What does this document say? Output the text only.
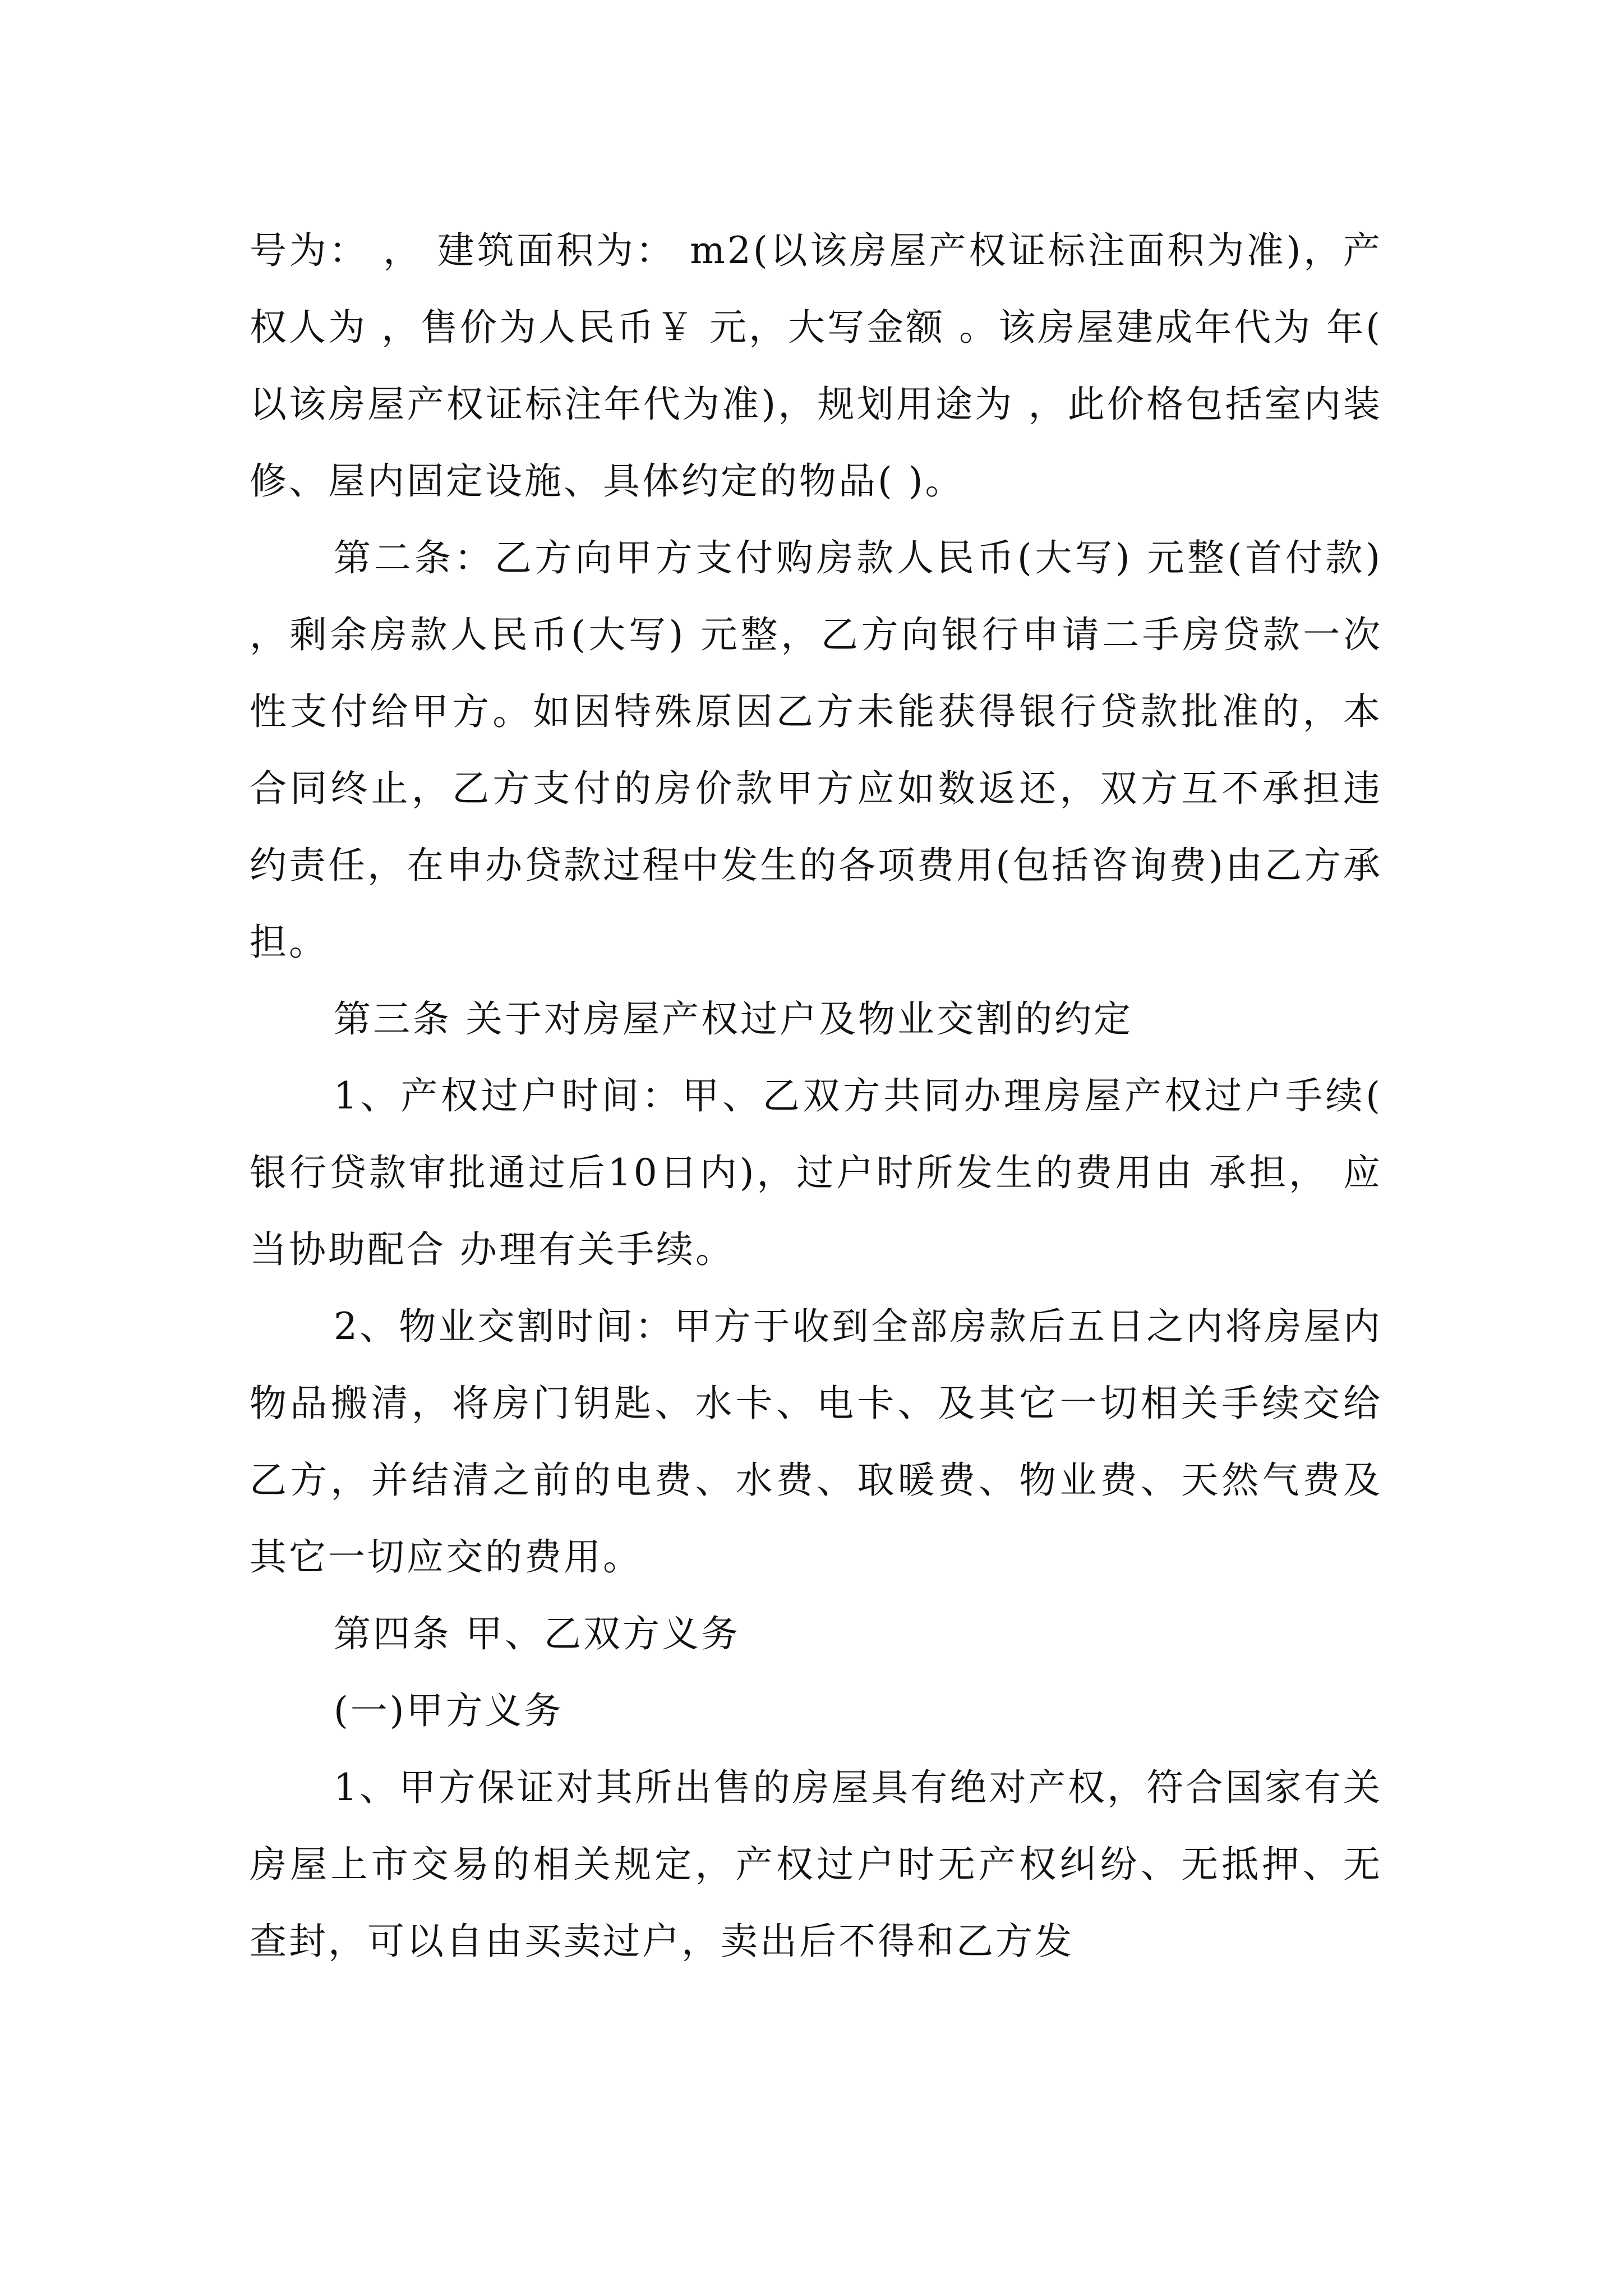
号为： ， 建筑面积为： m2(以该房屋产权证标注面积为准)，产权人为 ，售价为人民币￥ 元，大写金额 。该房屋建成年代为 年(以该房屋产权证标注年代为准)，规划用途为 ，此价格包括室内装修、屋内固定设施、具体约定的物品( )。

第二条：乙方向甲方支付购房款人民币(大写) 元整(首付款)，剩余房款人民币(大写) 元整，乙方向银行申请二手房贷款一次性支付给甲方。如因特殊原因乙方未能获得银行贷款批准的，本合同终止，乙方支付的房价款甲方应如数返还，双方互不承担违约责任，在申办贷款过程中发生的各项费用(包括咨询费)由乙方承担。

第三条 关于对房屋产权过户及物业交割的约定

1、产权过户时间：甲、乙双方共同办理房屋产权过户手续(银行贷款审批通过后10日内)，过户时所发生的费用由 承担， 应当协助配合 办理有关手续。

2、物业交割时间：甲方于收到全部房款后五日之内将房屋内物品搬清，将房门钥匙、水卡、电卡、及其它一切相关手续交给乙方，并结清之前的电费、水费、取暖费、物业费、天然气费及其它一切应交的费用。

第四条 甲、乙双方义务

(一)甲方义务

1、甲方保证对其所出售的房屋具有绝对产权，符合国家有关房屋上市交易的相关规定，产权过户时无产权纠纷、无抵押、无查封，可以自由买卖过户，卖出后不得和乙方发
